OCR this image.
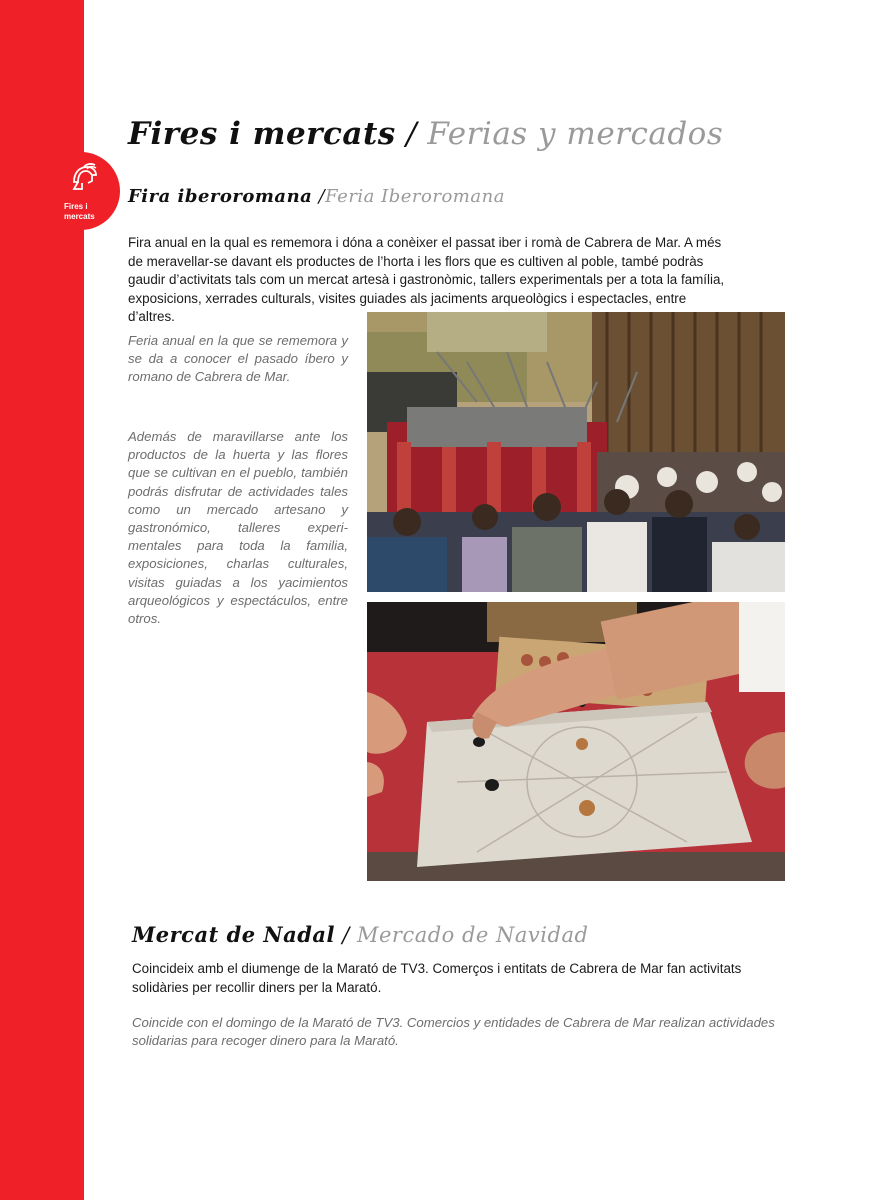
Fires i
mercats
Fires i mercats / Ferias y mercados
Fira iberoromana /Feria Iberoromana
Fira anual en la qual es rememora i dóna a conèixer el passat iber i romà de Cabrera de Mar. A més
de meravellar-se davant els productes de l’horta i les flors que es cultiven al poble, també podràs
gaudir d’activitats tals com un mercat artesà i gastronòmic, tallers experimentals per a tota la família,
exposicions, xerrades culturals, visites guiades als jaciments arqueològics i espectacles, entre
d’altres.
Feria anual en la que se rememora y se da a conocer el pasado íbero y romano de Cabrera de Mar.
Además de maravillarse ante los productos de la huerta y las flores que se cultivan en el pueblo, también podrás disfrutar de actividades tales como un mercado artesano y gastronómico, talleres experimentales para toda la familia, exposiciones, charlas culturales, visitas guiadas a los yacimientos arqueológicos y espectáculos, entre otros.
Mercat de Nadal / Mercado de Navidad
Coincideix amb el diumenge de la Marató de TV3. Comerços i entitats de Cabrera de Mar fan activitats solidàries per recollir diners per la Marató.
Coincide con el domingo de la Marató de TV3. Comercios y entidades de Cabrera de Mar realizan actividades solidarias para recoger dinero para la Marató.
